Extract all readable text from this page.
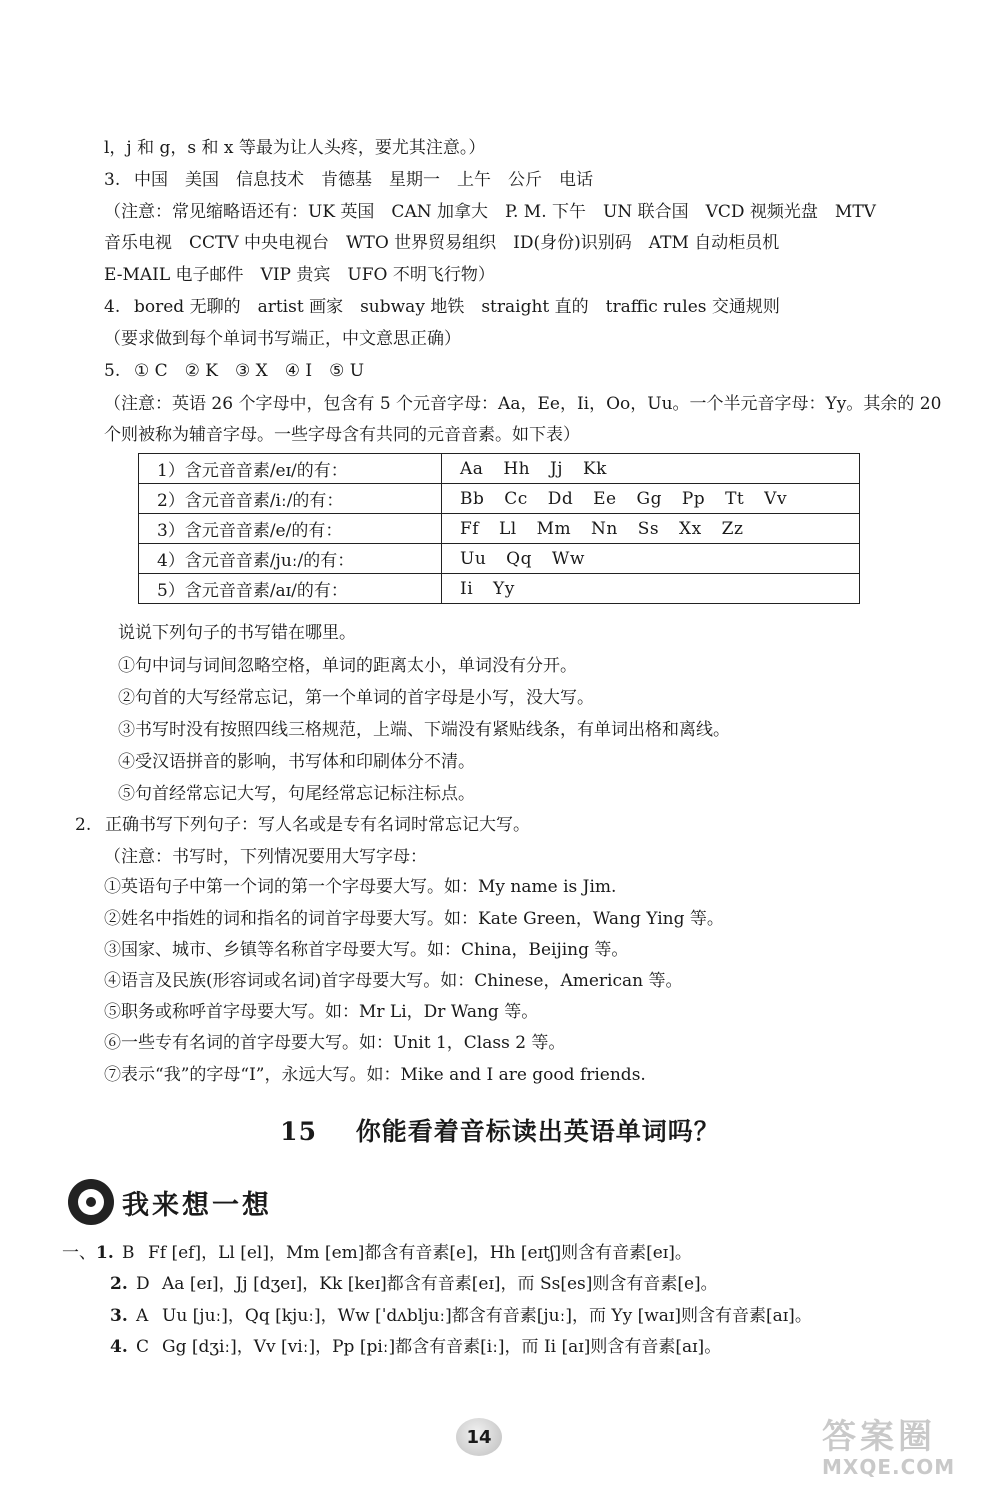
l，j 和 g，s 和 x 等最为让人头疼，要尤其注意。）
3. 中国　美国　信息技术　肯德基　星期一　上午　公斤　电话
（注意：常见缩略语还有：UK 英国　CAN 加拿大　P. M. 下午　UN 联合国　VCD 视频光盘　MTV
音乐电视　CCTV 中央电视台　WTO 世界贸易组织　ID(身份)识别码　ATM 自动柜员机
E-MAIL 电子邮件　VIP 贵宾　UFO 不明飞行物）
4. bored 无聊的　artist 画家　subway 地铁　straight 直的　traffic rules 交通规则
（要求做到每个单词书写端正，中文意思正确）
5. ① C　② K　③ X　④ I　⑤ U
（注意：英语 26 个字母中，包含有 5 个元音字母：Aa，Ee，Ii，Oo，Uu。一个半元音字母：Yy。其余的 20
个则被称为辅音字母。一些字母含有共同的元音音素。如下表）
1）含元音音素/eɪ/的有：	Aa Hh Jj Kk
2）含元音音素/iː/的有：	Bb Cc Dd Ee Gg Pp Tt Vv
3）含元音音素/e/的有：	Ff Ll Mm Nn Ss Xx Zz
4）含元音音素/juː/的有：	Uu Qq Ww
5）含元音音素/aɪ/的有：	Ii Yy
说说下列句子的书写错在哪里。
①句中词与词间忽略空格，单词的距离太小，单词没有分开。
②句首的大写经常忘记，第一个单词的首字母是小写，没大写。
③书写时没有按照四线三格规范，上端、下端没有紧贴线条，有单词出格和离线。
④受汉语拼音的影响，书写体和印刷体分不清。
⑤句首经常忘记大写，句尾经常忘记标注标点。
2. 正确书写下列句子：写人名或是专有名词时常忘记大写。
（注意：书写时，下列情况要用大写字母：
①英语句子中第一个词的第一个字母要大写。如：My name is Jim.
②姓名中指姓的词和指名的词首字母要大写。如：Kate Green，Wang Ying 等。
③国家、城市、乡镇等名称首字母要大写。如：China，Beijing 等。
④语言及民族(形容词或名词)首字母要大写。如：Chinese，American 等。
⑤职务或称呼首字母要大写。如：Mr Li，Dr Wang 等。
⑥一些专有名词的首字母要大写。如：Unit 1，Class 2 等。
⑦表示“我”的字母“I”，永远大写。如：Mike and I are good friends.
15 你能看着音标读出英语单词吗？
我来想一想
一、1. B Ff [ef]，Ll [el]，Mm [em]都含有音素[e]，Hh [eɪtʃ]则含有音素[eɪ]。
2. D Aa [eɪ]，Jj [dʒeɪ]，Kk [keɪ]都含有音素[eɪ]，而 Ss[es]则含有音素[e]。
3. A Uu [juː]，Qq [kjuː]，Ww [ˈdʌbljuː]都含有音素[juː]，而 Yy [waɪ]则含有音素[aɪ]。
4. C Gg [dʒiː]，Vv [viː]，Pp [piː]都含有音素[iː]，而 Ii [aɪ]则含有音素[aɪ]。
14	答案圈
MXQE.COM
